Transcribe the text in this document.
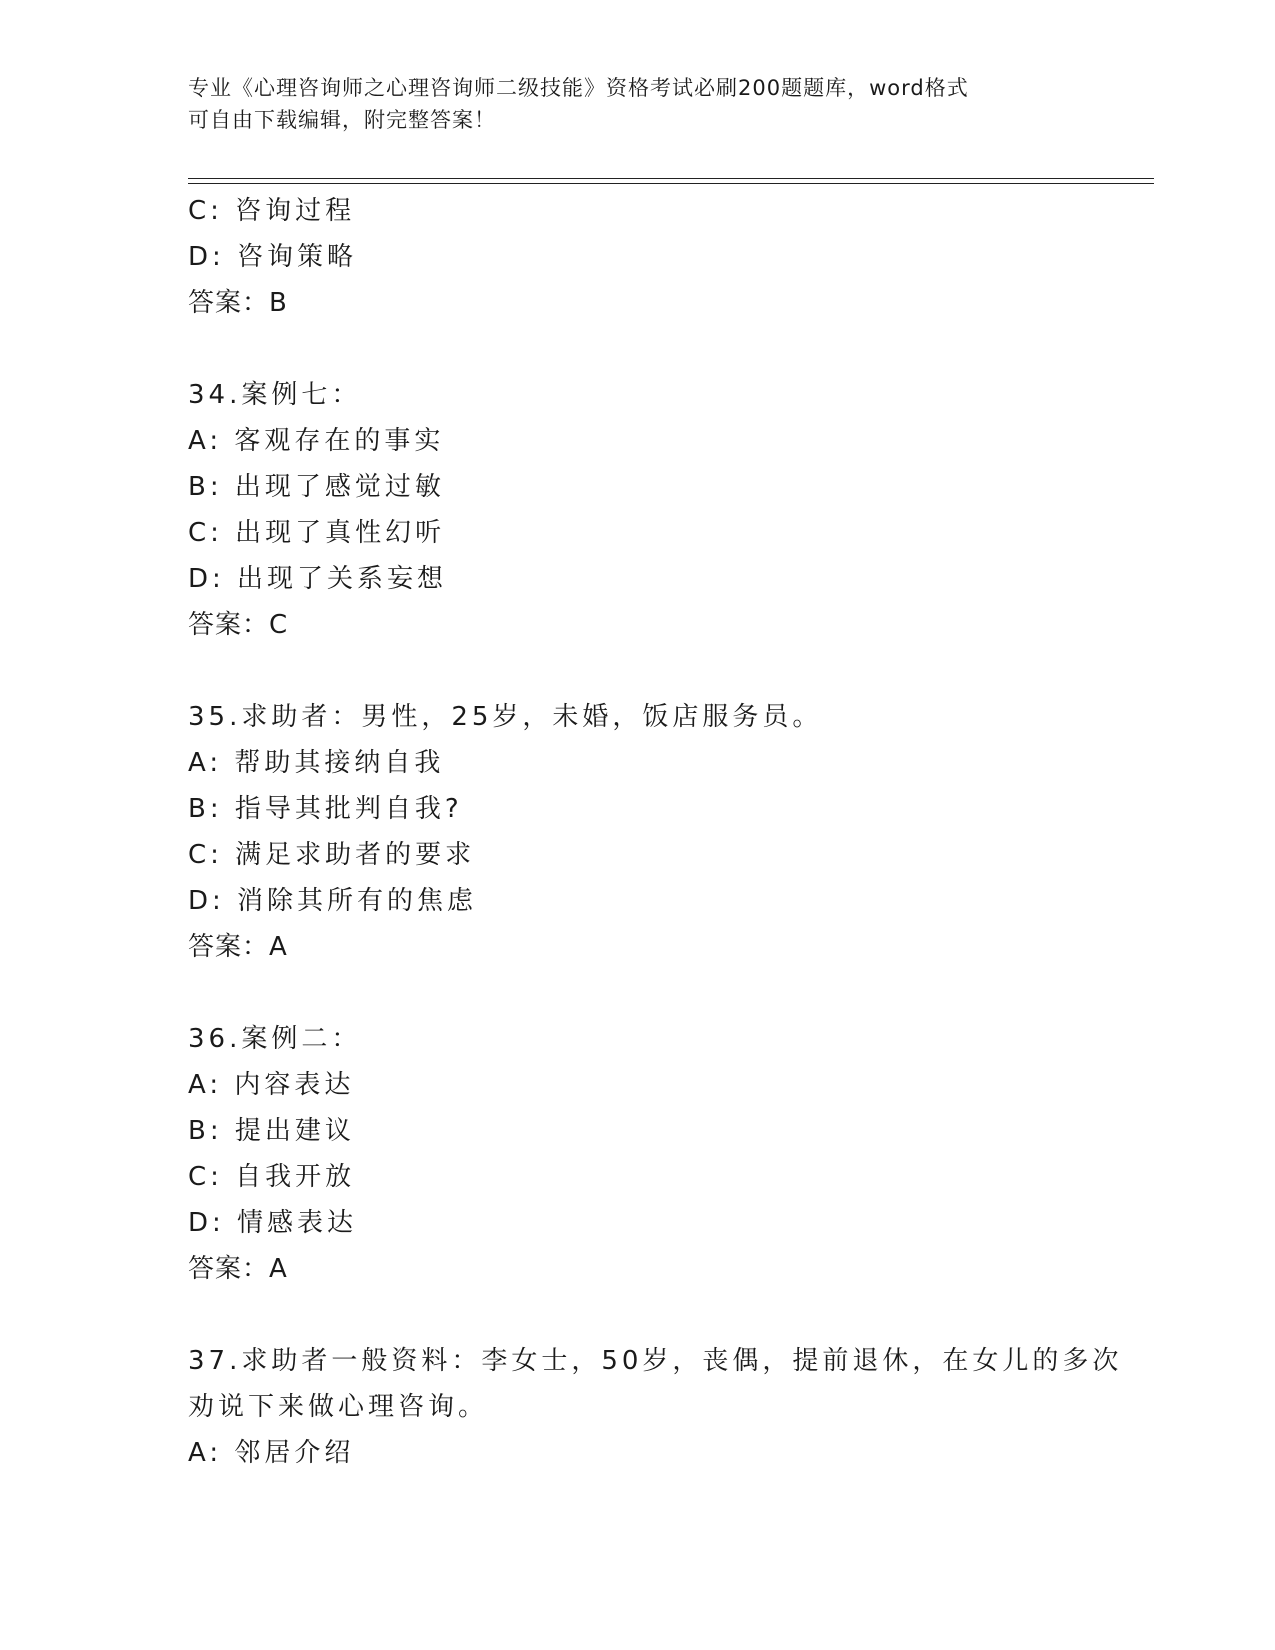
专业《心理咨询师之心理咨询师二级技能》资格考试必刷200题题库，word格式
可自由下载编辑，附完整答案！
C: 咨询过程
D: 咨询策略
答案：B
34.案例七：
A: 客观存在的事实
B: 出现了感觉过敏
C: 出现了真性幻听
D: 出现了关系妄想
答案：C
35.求助者：男性，25岁，未婚，饭店服务员。
A: 帮助其接纳自我
B: 指导其批判自我?
C: 满足求助者的要求
D: 消除其所有的焦虑
答案：A
36.案例二：
A: 内容表达
B: 提出建议
C: 自我开放
D: 情感表达
答案：A
37.求助者一般资料：李女士，50岁，丧偶，提前退休，在女儿的多次
劝说下来做心理咨询。
A: 邻居介绍
